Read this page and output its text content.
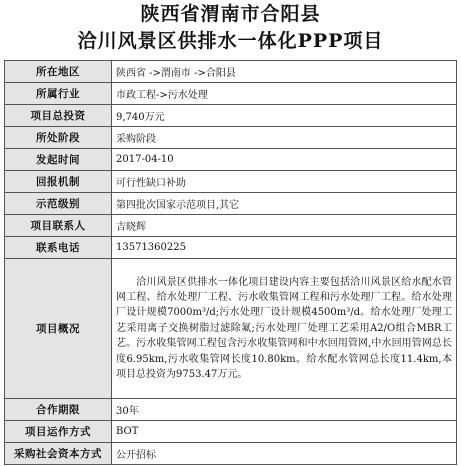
陕西省渭南市合阳县
洽川风景区供排水一体化PPP项目
所在地区	陕西省 ->渭南市 ->合阳县
所属行业	市政工程->污水处理
项目总投资	9,740万元
所处阶段	采购阶段
发起时间	2017-04-10
回报机制	可行性缺口补助
示范级别	第四批次国家示范项目,其它
项目联系人	吉晓辉
联系电话	13571360225
项目概况	洽川风景区供排水一体化项目建设内容主要包括洽川风景区给水配水管网工程、给水处理厂工程、污水收集管网工程和污水处理厂工程。给水处理厂设计规模7000m³/d;污水处理厂设计规模4500m³/d。给水处理厂处理工艺采用离子交换树脂过滤除氟;污水处理厂处理工艺采用A2/O组合MBR工艺。污水收集管网工程包含污水收集管网和中水回用管网,中水回用管网总长度6.95km,污水收集管网长度10.80km。给水配水管网总长度11.4km,本项目总投资为9753.47万元。
合作期限	30年
项目运作方式	BOT
采购社会资本方式	公开招标
